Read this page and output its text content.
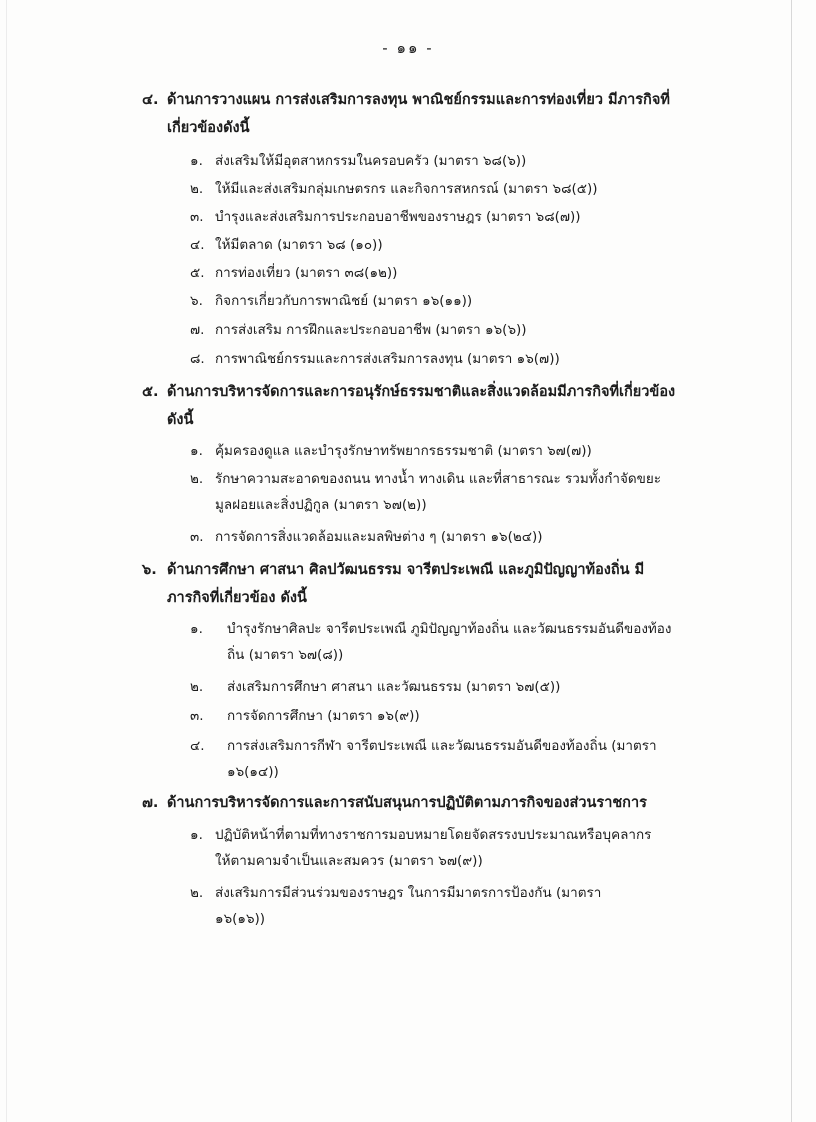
- ๑๑ -
๔. ด้านการวางแผน การส่งเสริมการลงทุน พาณิชย์กรรมและการท่องเที่ยว มีภารกิจที่เกี่ยวข้องดังนี้
๑. ส่งเสริมให้มีอุตสาหกรรมในครอบครัว (มาตรา ๖๘(๖))
๒. ให้มีและส่งเสริมกลุ่มเกษตรกร และกิจการสหกรณ์ (มาตรา ๖๘(๕))
๓. บำรุงและส่งเสริมการประกอบอาชีพของราษฎร (มาตรา ๖๘(๗))
๔. ให้มีตลาด (มาตรา ๖๘ (๑๐))
๕. การท่องเที่ยว (มาตรา ๓๘(๑๒))
๖. กิจการเกี่ยวกับการพาณิชย์ (มาตรา ๑๖(๑๑))
๗. การส่งเสริม การฝึกและประกอบอาชีพ (มาตรา ๑๖(๖))
๘. การพาณิชย์กรรมและการส่งเสริมการลงทุน (มาตรา ๑๖(๗))
๕. ด้านการบริหารจัดการและการอนุรักษ์ธรรมชาติและสิ่งแวดล้อมมีภารกิจที่เกี่ยวข้องดังนี้
๑. คุ้มครองดูแล และบำรุงรักษาทรัพยากรธรรมชาติ (มาตรา ๖๗(๗))
๒. รักษาความสะอาดของถนน ทางน้ำ ทางเดิน และที่สาธารณะ รวมทั้งกำจัดขยะมูลฝอยและสิ่งปฏิกูล (มาตรา ๖๗(๒))
๓. การจัดการสิ่งแวดล้อมและมลพิษต่าง ๆ (มาตรา ๑๖(๒๔))
๖. ด้านการศึกษา ศาสนา ศิลปวัฒนธรรม จารีตประเพณี และภูมิปัญญาท้องถิ่น มีภารกิจที่เกี่ยวข้อง ดังนี้
๑.	บำรุงรักษาศิลปะ จารีตประเพณี ภูมิปัญญาท้องถิ่น และวัฒนธรรมอันดีของท้องถิ่น (มาตรา ๖๗(๘))
๒.	ส่งเสริมการศึกษา ศาสนา และวัฒนธรรม (มาตรา ๖๗(๕))
๓.	การจัดการศึกษา (มาตรา ๑๖(๙))
๔.	การส่งเสริมการกีฬา จารีตประเพณี และวัฒนธรรมอันดีของท้องถิ่น (มาตรา ๑๖(๑๔))
๗. ด้านการบริหารจัดการและการสนับสนุนการปฏิบัติตามภารกิจของส่วนราชการ
๑. ปฏิบัติหน้าที่ตามที่ทางราชการมอบหมายโดยจัดสรรงบประมาณหรือบุคลากรให้ตามคามจำเป็นและสมควร (มาตรา ๖๗(๙))
๒. ส่งเสริมการมีส่วนร่วมของราษฎร ในการมีมาตรการป้องกัน (มาตรา ๑๖(๑๖))
